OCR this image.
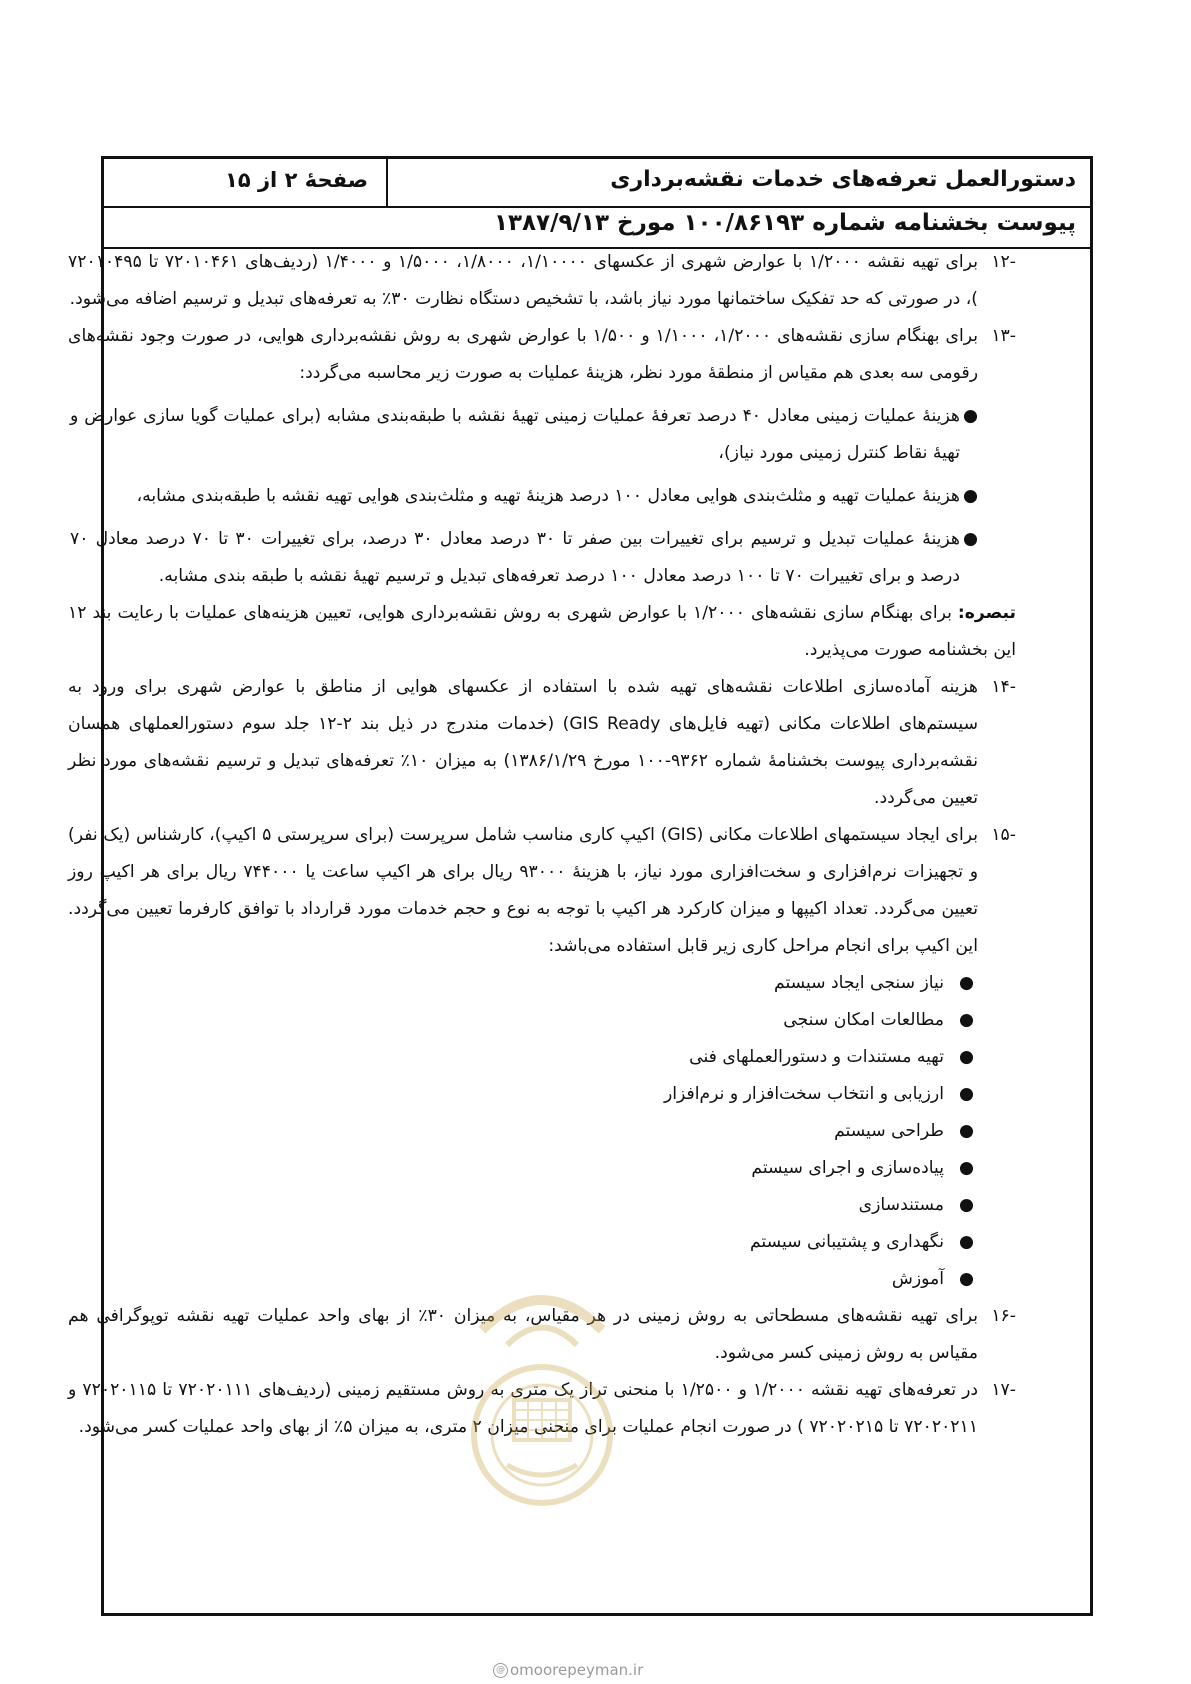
صفحهٔ ۲ از ۱۵	دستورالعمل تعرفه‌های خدمات نقشه‌برداری
پیوست بخشنامه شماره ۱۰۰/۸۶۱۹۳ مورخ ۱۳۸۷/۹/۱۳
-۱۲
برای تهیه نقشه ۱/۲۰۰۰ با عوارض شهری از عکسهای ۱/۱۰۰۰۰، ۱/۸۰۰۰، ۱/۵۰۰۰ و ۱/۴۰۰۰ (ردیف‌های ۷۲۰۱۰۴۶۱ تا ۷۲۰۱۰۴۹۵ )، در صورتی که حد تفکیک ساختمانها مورد نیاز باشد، با تشخیص دستگاه نظارت ۳۰٪ به تعرفه‌های تبدیل و ترسیم اضافه می‌شود.
-۱۳
برای بهنگام سازی نقشه‌های ۱/۲۰۰۰، ۱/۱۰۰۰ و ۱/۵۰۰ با عوارض شهری به روش نقشه‌برداری هوایی، در صورت وجود نقشه‌های رقومی سه بعدی هم مقیاس از منطقهٔ مورد نظر، هزینهٔ عملیات به صورت زیر محاسبه می‌گردد:
●
هزینهٔ عملیات زمینی معادل ۴۰ درصد تعرفهٔ عملیات زمینی تهیهٔ نقشه با طبقه‌بندی مشابه (برای عملیات گویا سازی عوارض و تهیهٔ نقاط کنترل زمینی مورد نیاز)،
●
هزینهٔ عملیات تهیه و مثلث‌بندی هوایی معادل ۱۰۰ درصد هزینهٔ تهیه و مثلث‌بندی هوایی تهیه نقشه با طبقه‌بندی مشابه،
●
هزینهٔ عملیات تبدیل و ترسیم برای تغییرات بین صفر تا ۳۰ درصد معادل ۳۰ درصد، برای تغییرات ۳۰ تا ۷۰ درصد معادل ۷۰ درصد و برای تغییرات ۷۰ تا ۱۰۰ درصد معادل ۱۰۰ درصد تعرفه‌های تبدیل و ترسیم تهیهٔ نقشه با طبقه بندی مشابه.
تبصره: برای بهنگام سازی نقشه‌های ۱/۲۰۰۰ با عوارض شهری به روش نقشه‌برداری هوایی، تعیین هزینه‌های عملیات با رعایت بند ۱۲ این بخشنامه صورت می‌پذیرد.
-۱۴
هزینه آماده‌سازی اطلاعات نقشه‌های تهیه شده با استفاده از عکسهای هوایی از مناطق با عوارض شهری برای ورود به سیستم‌های اطلاعات مکانی (تهیه فایل‌های GIS Ready) (خدمات مندرج در ذیل بند ۲-۱۲ جلد سوم دستورالعملهای همسان نقشه‌برداری پیوست بخشنامهٔ شماره ۹۳۶۲-۱۰۰ مورخ ۱۳۸۶/۱/۲۹) به میزان ۱۰٪ تعرفه‌های تبدیل و ترسیم نقشه‌های مورد نظر تعیین می‌گردد.
-۱۵
برای ایجاد سیستمهای اطلاعات مکانی (GIS) اکیپ کاری مناسب شامل سرپرست (برای سرپرستی ۵ اکیپ)، کارشناس (یک نفر) و تجهیزات نرم‌افزاری و سخت‌افزاری مورد نیاز، با هزینهٔ ۹۳۰۰۰ ریال برای هر اکیپ ساعت یا ۷۴۴۰۰۰ ریال برای هر اکیپ روز تعیین می‌گردد. تعداد اکیپها و میزان کارکرد هر اکیپ با توجه به نوع و حجم خدمات مورد قرارداد با توافق کارفرما تعیین می‌گردد. این اکیپ برای انجام مراحل کاری زیر قابل استفاده می‌باشد:
●
نیاز سنجی ایجاد سیستم
●
مطالعات امکان سنجی
●
تهیه مستندات و دستورالعملهای فنی
●
ارزیابی و انتخاب سخت‌افزار و نرم‌افزار
●
طراحی سیستم
●
پیاده‌سازی و اجرای سیستم
●
مستندسازی
●
نگهداری و پشتیبانی سیستم
●
آموزش
-۱۶
برای تهیه نقشه‌های مسطحاتی به روش زمینی در هر مقیاس، به میزان ۳۰٪ از بهای واحد عملیات تهیه نقشه توپوگرافی هم مقیاس به روش زمینی کسر می‌شود.
-۱۷
در تعرفه‌های تهیه نقشه ۱/۲۰۰۰ و ۱/۲۵۰۰ با منحنی تراز یک متری به روش مستقیم زمینی (ردیف‌های ۷۲۰۲۰۱۱۱ تا ۷۲۰۲۰۱۱۵ و ۷۲۰۲۰۲۱۱ تا ۷۲۰۲۰۲۱۵ ) در صورت انجام عملیات برای منحنی میزان ۲ متری، به میزان ۵٪ از بهای واحد عملیات کسر می‌شود.
@ omoorepeyman.ir
